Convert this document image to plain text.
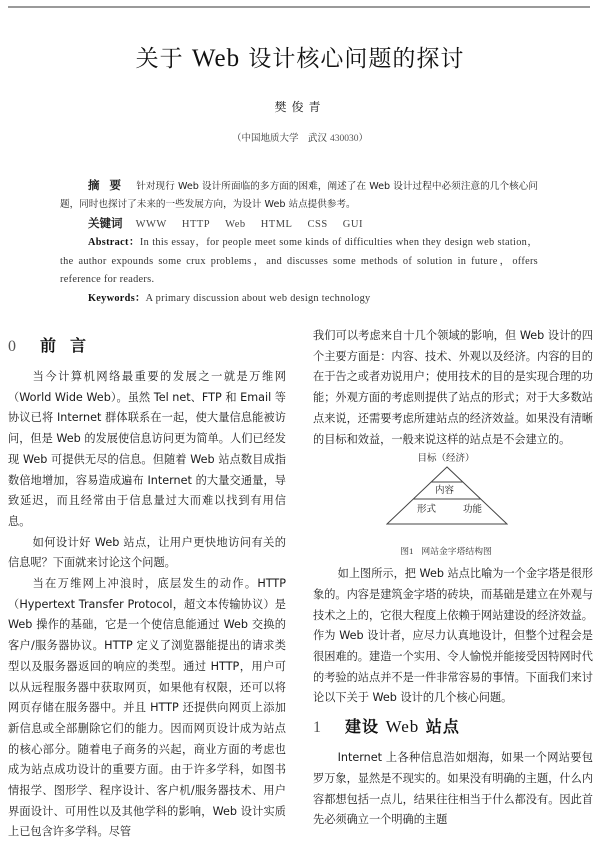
关于 Web 设计核心问题的探讨
樊俊青
（中国地质大学　武汉 430030）

摘要 针对现行 Web 设计所面临的多方面的困难，阐述了在 Web 设计过程中必须注意的几个核心问题，同时也探讨了未来的一些发展方向，为设计 Web 站点提供参考。

关键词 WWW HTTP Web HTML CSS GUI

Abstract：In this essay，for people meet some kinds of difficulties when they design web station，the author expounds some crux problems，and discusses some methods of solution in future，offers reference for readers.

Keywords：A primary discussion about web design technology

0 前言

当今计算机网络最重要的发展之一就是万维网（World Wide Web）。虽然 Tel net、FTP 和 Email 等协议已将 Internet 群体联系在一起，使大量信息能被访问，但是 Web 的发展使信息访问更为简单。人们已经发现 Web 可提供无尽的信息。但随着 Web 站点数目成指数倍地增加，容易造成遍布 Internet 的大量交通量，导致延迟，而且经常由于信息量过大而难以找到有用信息。

如何设计好 Web 站点，让用户更快地访问有关的信息呢？下面就来讨论这个问题。

当在万维网上冲浪时，底层发生的动作。HTTP（Hypertext Transfer Protocol，超文本传输协议）是 Web 操作的基础，它是一个使信息能通过 Web 交换的客户/服务器协议。HTTP 定义了浏览器能提出的请求类型以及服务器返回的响应的类型。通过 HTTP，用户可以从远程服务器中获取网页，如果他有权限，还可以将网页存储在服务器中。并且 HTTP 还提供向网页上添加新信息或全部删除它们的能力。因而网页设计成为站点的核心部分。随着电子商务的兴起，商业方面的考虑也成为站点成功设计的重要方面。由于许多学科，如图书情报学、图形学、程序设计、客户机/服务器技术、用户界面设计、可用性以及其他学科的影响，Web 设计实质上已包含许多学科。尽管

我们可以考虑来自十几个领域的影响，但 Web 设计的四个主要方面是：内容、技术、外观以及经济。内容的目的在于告之或者劝说用户；使用技术的目的是实现合理的功能；外观方面的考虑则提供了站点的形式；对于大多数站点来说，还需要考虑所建站点的经济效益。如果没有清晰的目标和效益，一般来说这样的站点是不会建立的。

目标（经济）
内容
形式	功能
图1 网站金字塔结构图

如上图所示，把 Web 站点比喻为一个金字塔是很形象的。内容是建筑金字塔的砖块，而基础是建立在外观与技术之上的，它很大程度上依赖于网站建设的经济效益。作为 Web 设计者，应尽力认真地设计，但整个过程会是很困难的。建造一个实用、令人愉悦并能接受因特网时代的考验的站点并不是一件非常容易的事情。下面我们来讨论以下关于 Web 设计的几个核心问题。

1 建设 Web 站点

Internet 上各种信息浩如烟海，如果一个网站要包罗万象，显然是不现实的。如果没有明确的主题，什么内容都想包括一点儿，结果往往相当于什么都没有。因此首先必须确立一个明确的主题
